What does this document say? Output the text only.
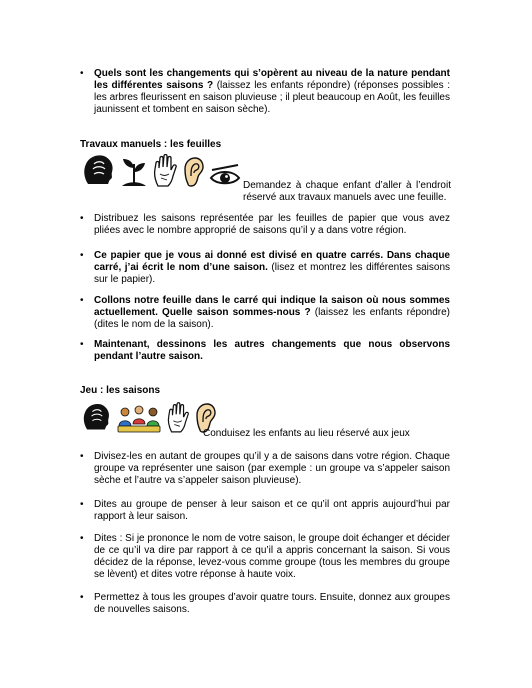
• Quels sont les changements qui s’opèrent au niveau de la nature pendant les différentes saisons ? (laissez les enfants répondre) (réponses possibles : les arbres fleurissent en saison pluvieuse ; il pleut beaucoup en Août, les feuilles jaunissent et tombent en saison sèche).
Travaux manuels : les feuilles
Demandez à chaque enfant d’aller à l’endroit réservé aux travaux manuels avec une feuille.
• Distribuez les saisons représentée par les feuilles de papier que vous avez pliées avec le nombre approprié de saisons qu’il y a dans votre région.
• Ce papier que je vous ai donné est divisé en quatre carrés. Dans chaque carré, j’ai écrit le nom d’une saison. (lisez et montrez les différentes saisons sur le papier).
• Collons notre feuille dans le carré qui indique la saison où nous sommes actuellement. Quelle saison sommes-nous ? (laissez les enfants répondre) (dites le nom de la saison).
• Maintenant, dessinons les autres changements que nous observons pendant l’autre saison.
Jeu : les saisons
Conduisez les enfants au lieu réservé aux jeux
• Divisez-les en autant de groupes qu’il y a de saisons dans votre région. Chaque groupe va représenter une saison (par exemple : un groupe va s’appeler saison sèche et l’autre va s’appeler saison pluvieuse).
• Dites au groupe de penser à leur saison et ce qu’il ont appris aujourd’hui par rapport à leur saison.
• Dites : Si je prononce le nom de votre saison, le groupe doit échanger et décider de ce qu’il va dire par rapport à ce qu’il a appris concernant la saison. Si vous décidez de la réponse, levez-vous comme groupe (tous les membres du groupe se lèvent) et dites votre réponse à haute voix.
• Permettez à tous les groupes d’avoir quatre tours. Ensuite, donnez aux groupes de nouvelles saisons.
